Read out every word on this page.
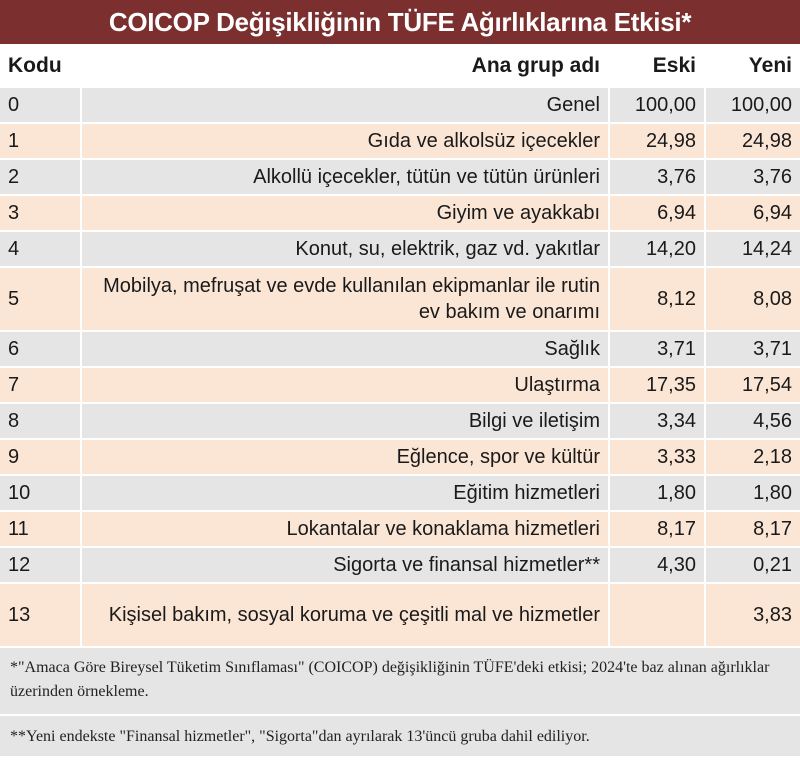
COICOP Değişikliğinin TÜFE Ağırlıklarına Etkisi*
Kodu	Ana grup adı	Eski	Yeni
0	Genel	100,00	100,00
1	Gıda ve alkolsüz içecekler	24,98	24,98
2	Alkollü içecekler, tütün ve tütün ürünleri	3,76	3,76
3	Giyim ve ayakkabı	6,94	6,94
4	Konut, su, elektrik, gaz vd. yakıtlar	14,20	14,24
5	Mobilya, mefruşat ve evde kullanılan ekipmanlar ile rutin ev bakım ve onarımı	8,12	8,08
6	Sağlık	3,71	3,71
7	Ulaştırma	17,35	17,54
8	Bilgi ve iletişim	3,34	4,56
9	Eğlence, spor ve kültür	3,33	2,18
10	Eğitim hizmetleri	1,80	1,80
11	Lokantalar ve konaklama hizmetleri	8,17	8,17
12	Sigorta ve finansal hizmetler**	4,30	0,21
13	Kişisel bakım, sosyal koruma ve çeşitli mal ve hizmetler		3,83
*"Amaca Göre Bireysel Tüketim Sınıflaması" (COICOP) değişikliğinin TÜFE'deki etkisi; 2024'te baz alınan ağırlıklar üzerinden örnekleme.
**Yeni endekste "Finansal hizmetler", "Sigorta"dan ayrılarak 13'üncü gruba dahil ediliyor.
